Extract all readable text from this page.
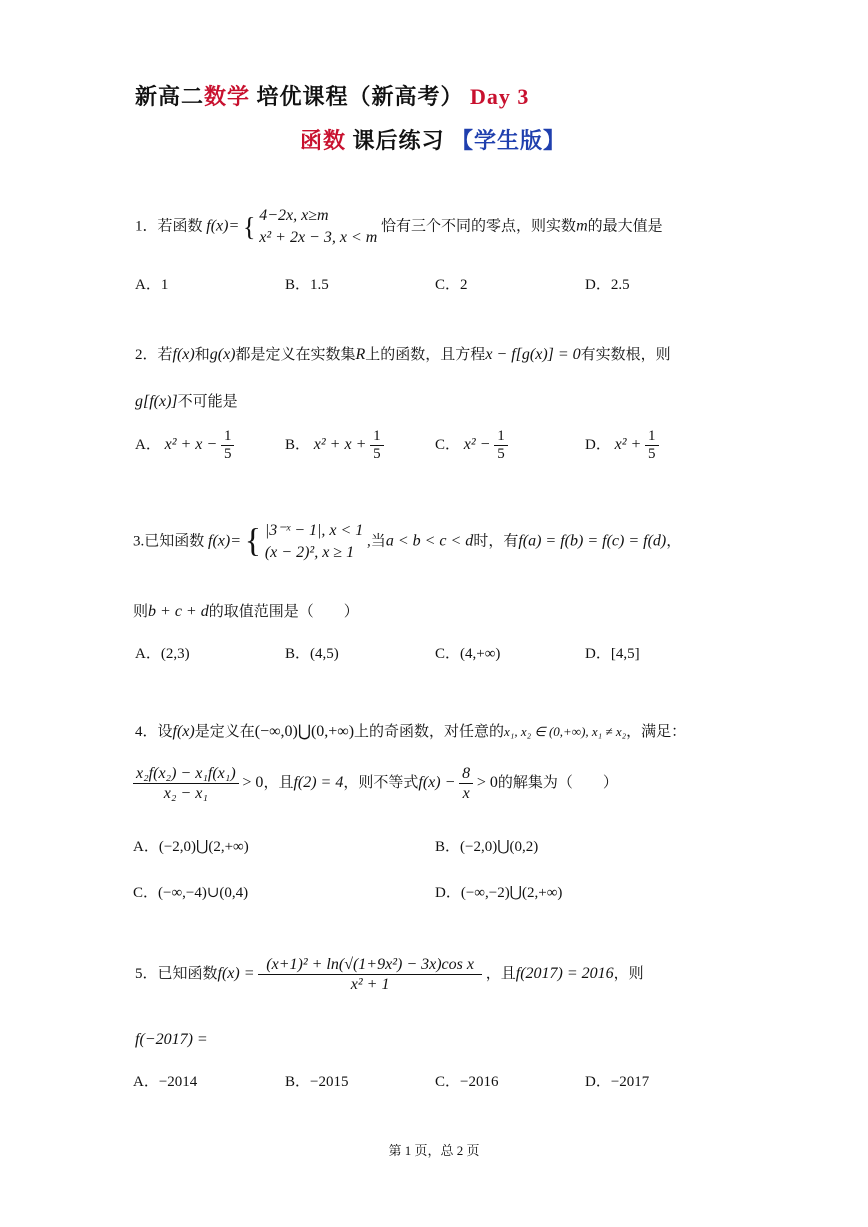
新高二数学 培优课程（新高考） Day 3
函数 课后练习 【学生版】
1．若函数 f(x)= { 4−2x, x≥m
x² + 2x − 3, x < m
恰有三个不同的零点，则实数m的最大值是
A．1	B．1.5	C．2	D．2.5
2．若f(x)和g(x)都是定义在实数集R上的函数，且方程x − f[g(x)] = 0有实数根，则
g[f(x)]不可能是
A． $x^2 + x - \frac{1}{5}$	B． $x^2 + x + \frac{1}{5}$	C． $x^2 - \frac{1}{5}$	D． $x^2 + \frac{1}{5}$
3.已知函数 f(x)= { |3⁻ˣ − 1|, x < 1
(x − 2)², x ≥ 1
,当a < b < c < d时，有f(a) = f(b) = f(c) = f(d)，
则b + c + d的取值范围是（　　）
A．(2,3)	B．(4,5)	C．(4,+∞)	D．[4,5]
4．设f(x)是定义在(−∞,0)⋃(0,+∞)上的奇函数，对任意的x₁, x₂ ∈ (0,+∞), x₁ ≠ x₂，满足：
$\frac{\text{x₂f(x₂) − x₁f(x₁)}}{\text{x₂ − x₁}} > 0$，且f(2) = 4，则不等式$f(x) - \frac{8}{x} > 0$的解集为（　　）
A．(−2,0)⋃(2,+∞)	B．(−2,0)⋃(0,2)
C．(−∞,−4)∪(0,4)	D．(−∞,−2)⋃(2,+∞)
5．已知函数$f(x) = \frac{\text{(x+1)² + ln(√(1+9x²) − 3x)cos x}}{\text{x² + 1}}$ ，且f(2017) = 2016，则
f(−2017) =
A．−2014	B．−2015	C．−2016	D．−2017
第 1 页，总 2 页
